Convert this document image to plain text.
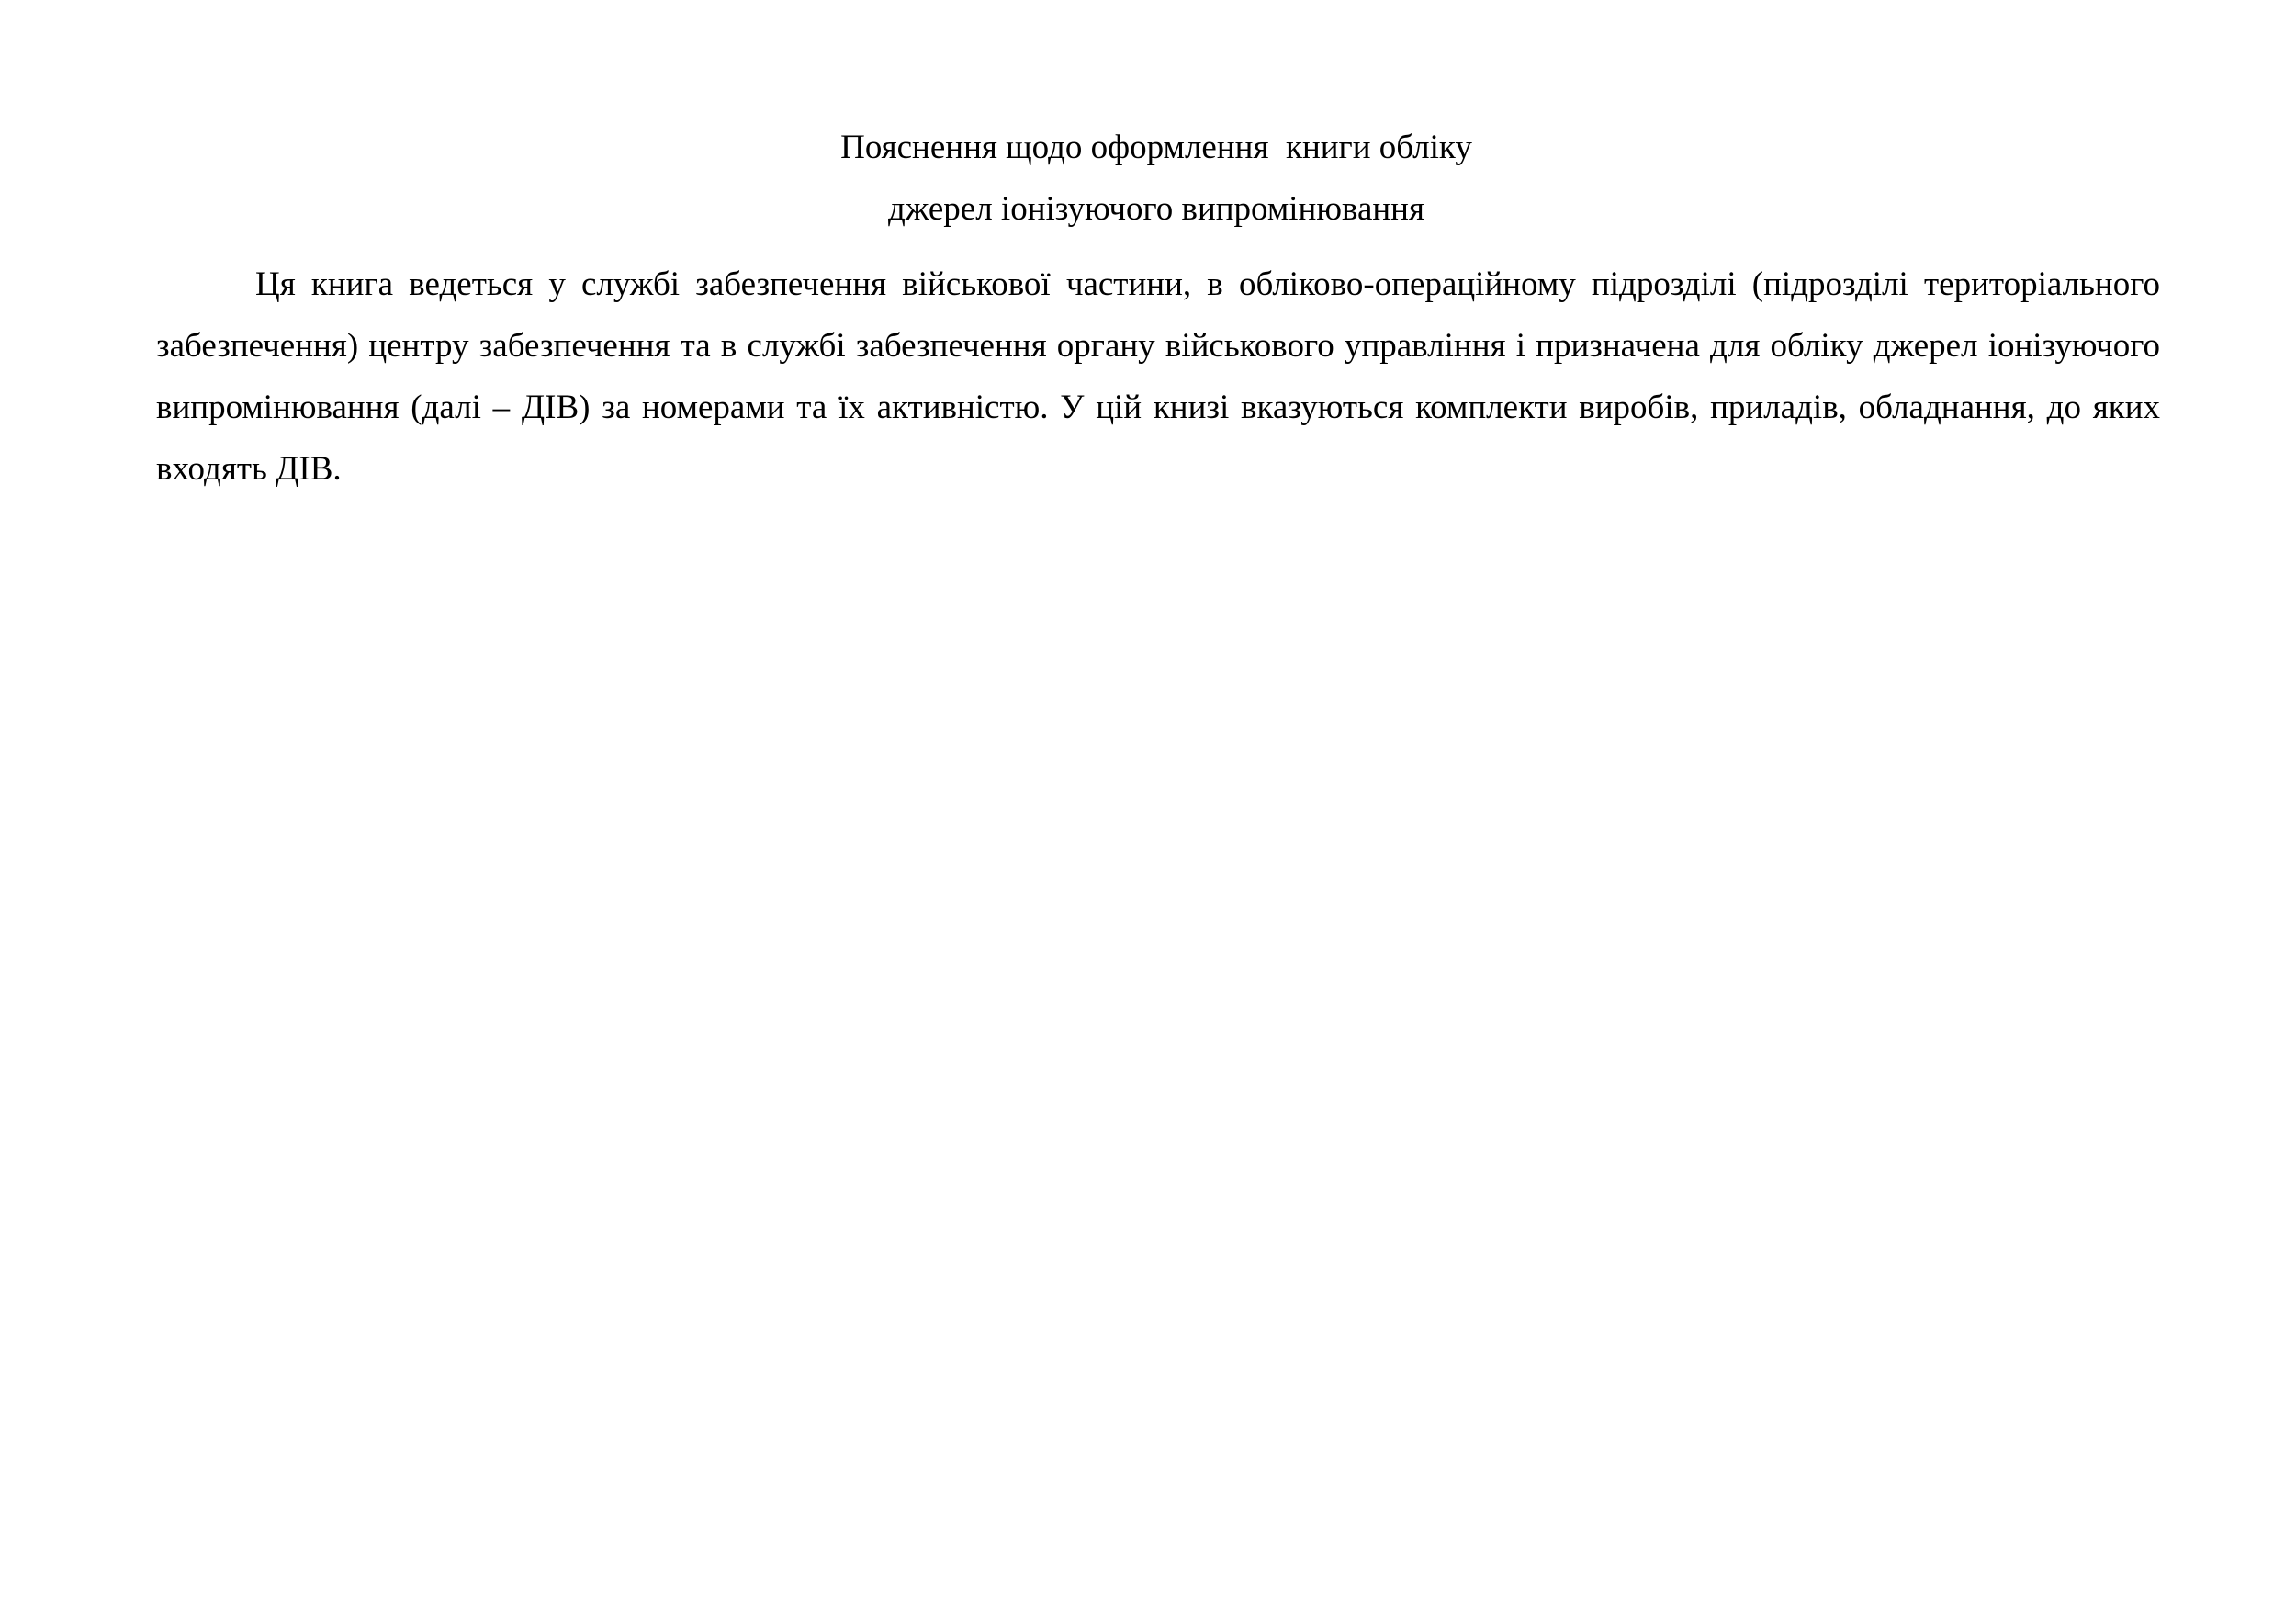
Пояснення щодо оформлення  книги обліку
джерел іонізуючого випромінювання

Ця книга ведеться у службі забезпечення військової частини, в обліково-операційному підрозділі (підрозділі територіального забезпечення) центру забезпечення та в службі забезпечення органу військового управління і призначена для обліку джерел іонізуючого випромінювання (далі – ДІВ) за номерами та їх активністю. У цій книзі вказуються комплекти виробів, приладів, обладнання, до яких входять ДІВ.
